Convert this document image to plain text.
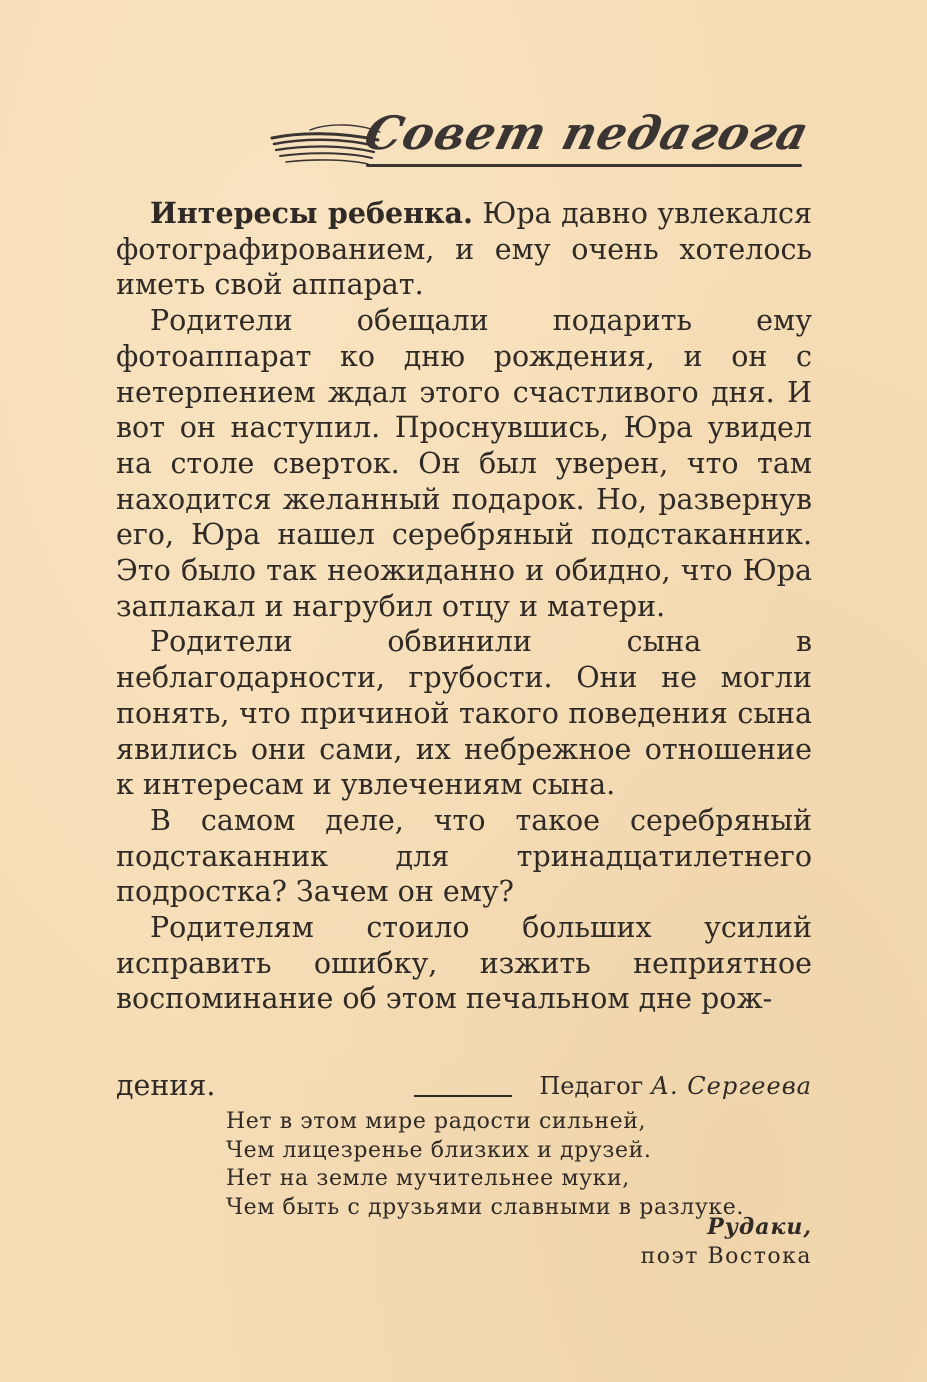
Совет педагога

Интересы ребенка. Юра давно увлекался фотографированием, и ему очень хотелось иметь свой аппарат.

Родители обещали подарить ему фотоаппарат ко дню рождения, и он с нетерпением ждал этого счастливого дня. И вот он наступил. Проснувшись, Юра увидел на столе сверток. Он был уверен, что там находится желанный подарок. Но, развернув его, Юра нашел серебряный подстаканник. Это было так неожиданно и обидно, что Юра заплакал и нагрубил отцу и матери.

Родители обвинили сына в неблагодарности, грубости. Они не могли понять, что причиной такого поведения сына явились они сами, их небрежное отношение к интересам и увлечениям сына.

В самом деле, что такое серебряный подстаканник для тринадцатилетнего подростка? Зачем он ему?

Родителям стоило больших усилий исправить ошибку, изжить неприятное воспоминание об этом печальном дне рож-

дения.	Педагог А. Сергеева
Нет в этом мире радости сильней,
Чем лицезренье близких и друзей.
Нет на земле мучительнее муки,
Чем быть с друзьями славными в разлуке.
Рудаки,
поэт Востока
